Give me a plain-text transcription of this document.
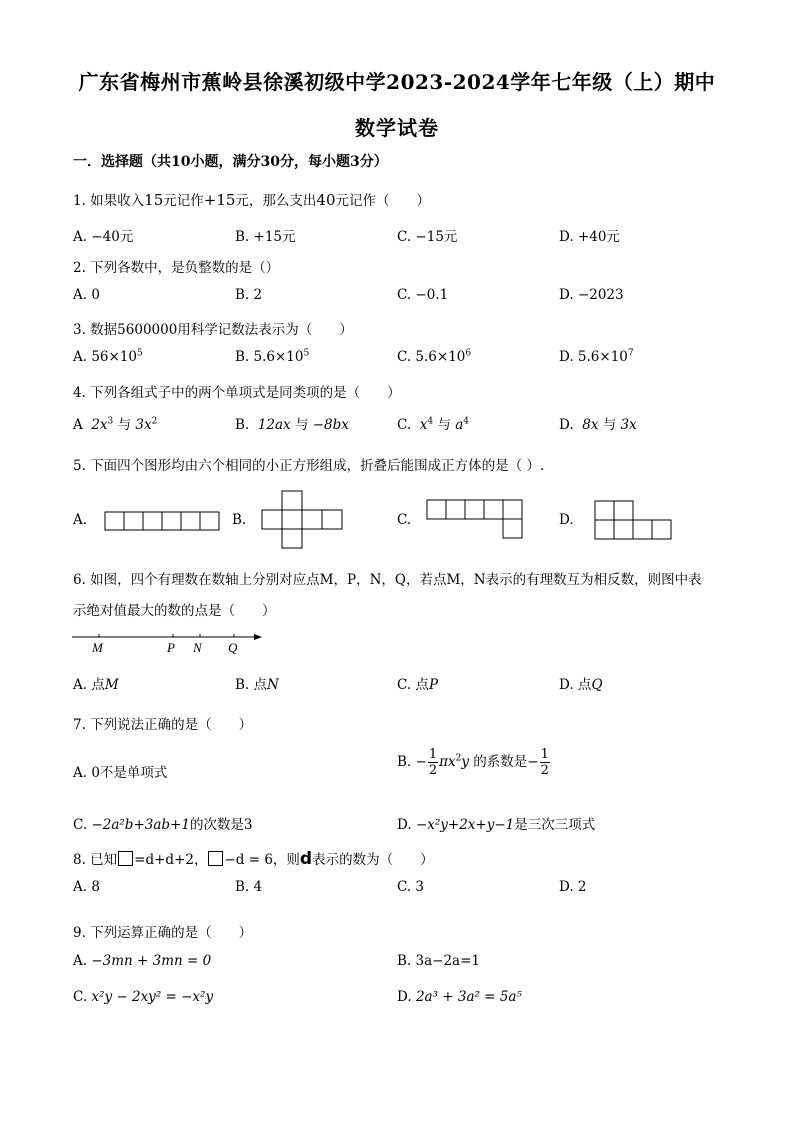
广东省梅州市蕉岭县徐溪初级中学2023-2024学年七年级（上）期中
数学试卷
一．选择题（共10小题，满分30分，每小题3分）
1. 如果收入15元记作+15元，那么支出40元记作（　　）
A. −40元	B. +15元	C. −15元	D. +40元
2. 下列各数中，是负整数的是（）
A. 0	B. 2	C. −0.1	D. −2023
3. 数据5600000用科学记数法表示为（　　）
A. $56\times 10^5$	B. $5.6\times 10^5$	C. $5.6\times 10^6$	D. $5.6\times 10^7$
4. 下列各组式子中的两个单项式是同类项的是（　　）
A $2x^3$ 与 $3x^2$	B. 12ax 与 −8bx	C. $x^4$ 与 $a^4$	D. 8x 与 3x
5. 下面四个图形均由六个相同的小正方形组成，折叠后能围成正方体的是（ ）.
A.	B.	C.	D.
6. 如图，四个有理数在数轴上分别对应点M，P，N，Q，若点M，N表示的有理数互为相反数，则图中表
示绝对值最大的数的点是（　　）
M	P N Q
A. 点M	B. 点N	C. 点P	D. 点Q
7. 下列说法正确的是（　　）
A. 0不是单项式
B. − $\frac{1}{2} \pi x^2y$ 的系数是− $\frac{1}{2}$
C. −2a²b+3ab+1的次数是3	D. −x²y+2x+y−1是三次三项式
8. 已知 =d+d+2， −d = 6，则d表示的数为（　　）
A. 8	B. 4	C. 3	D. 2
9. 下列运算正确的是（　　）
A. −3mn + 3mn = 0	B. 3a−2a=1
C. x²y − 2xy² = −x²y	D. 2a³ + 3a² = 5a⁵
